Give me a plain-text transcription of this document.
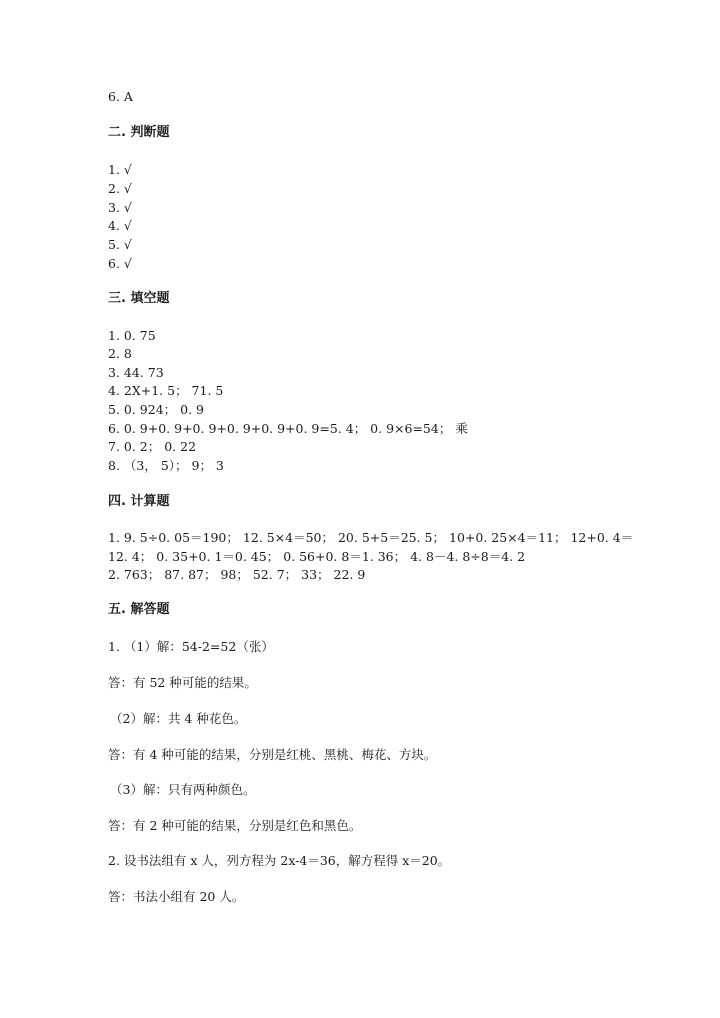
6. A
二. 判断题
1. √
2. √
3. √
4. √
5. √
6. √
三. 填空题
1. 0. 75
2. 8
3. 44. 73
4. 2X+1. 5； 71. 5
5. 0. 924； 0. 9
6. 0. 9+0. 9+0. 9+0. 9+0. 9+0. 9=5. 4； 0. 9×6=54； 乘
7. 0. 2； 0. 22
8. （3， 5）； 9； 3
四. 计算题
1. 9. 5÷0. 05＝190； 12. 5×4＝50； 20. 5+5＝25. 5； 10+0. 25×4＝11； 12+0. 4＝
12. 4； 0. 35+0. 1＝0. 45； 0. 56+0. 8＝1. 36； 4. 8－4. 8÷8＝4. 2
2. 763； 87. 87； 98； 52. 7； 33； 22. 9
五. 解答题
1. （1）解：54-2=52（张）
答：有 52 种可能的结果。
（2）解：共 4 种花色。
答：有 4 种可能的结果，分别是红桃、黑桃、梅花、方块。
（3）解：只有两种颜色。
答：有 2 种可能的结果，分别是红色和黑色。
2. 设书法组有 x 人，列方程为 2x-4＝36，解方程得 x＝20。
答：书法小组有 20 人。
